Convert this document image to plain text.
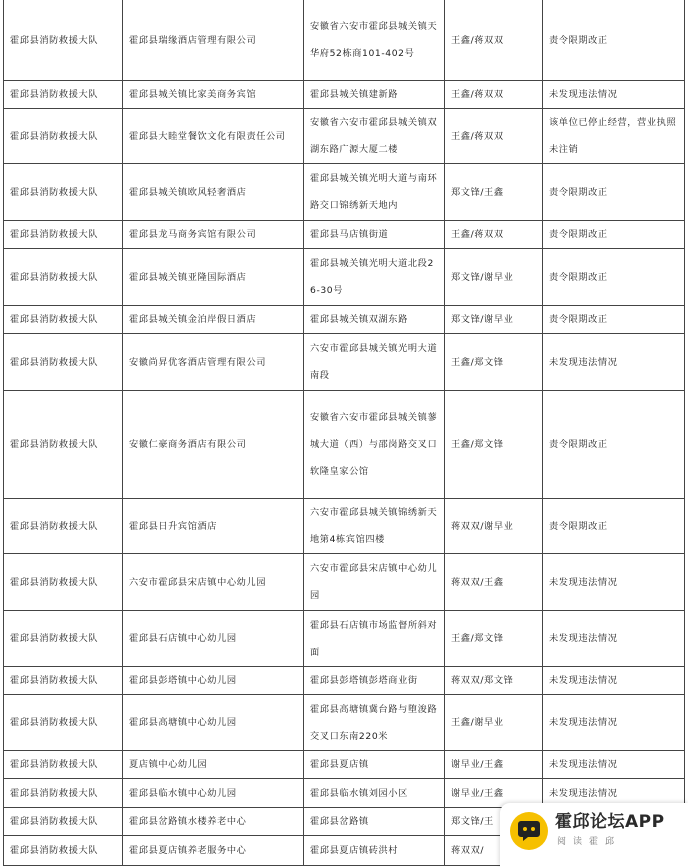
霍邱县消防救援大队	霍邱县瑞缘酒店管理有限公司	安徽省六安市霍邱县城关镇天华府52栋商101-402号	王鑫/蒋双双	责令限期改正
霍邱县消防救援大队	霍邱县城关镇比家美商务宾馆	霍邱县城关镇建新路	王鑫/蒋双双	未发现违法情况
霍邱县消防救援大队	霍邱县大睦堂餐饮文化有限责任公司	安徽省六安市霍邱县城关镇双湖东路广源大厦二楼	王鑫/蒋双双	该单位已停止经营，营业执照未注销
霍邱县消防救援大队	霍邱县城关镇欧风轻奢酒店	霍邱县城关镇光明大道与南环路交口锦绣新天地内	郑文锋/王鑫	责令限期改正
霍邱县消防救援大队	霍邱县龙马商务宾馆有限公司	霍邱县马店镇街道	王鑫/蒋双双	责令限期改正
霍邱县消防救援大队	霍邱县城关镇亚隆国际酒店	霍邱县城关镇光明大道北段26-30号	郑文锋/谢早业	责令限期改正
霍邱县消防救援大队	霍邱县城关镇金泊岸假日酒店	霍邱县城关镇双湖东路	郑文锋/谢早业	责令限期改正
霍邱县消防救援大队	安徽尚昇优客酒店管理有限公司	六安市霍邱县城关镇光明大道南段	王鑫/郑文锋	未发现违法情况
霍邱县消防救援大队	安徽仁豪商务酒店有限公司	安徽省六安市霍邱县城关镇蓼城大道（西）与邵岗路交叉口软隆皇家公馆	王鑫/郑文锋	责令限期改正
霍邱县消防救援大队	霍邱县日升宾馆酒店	六安市霍邱县城关镇锦绣新天地第4栋宾馆四楼	蒋双双/谢早业	责令限期改正
霍邱县消防救援大队	六安市霍邱县宋店镇中心幼儿园	六安市霍邱县宋店镇中心幼儿园	蒋双双/王鑫	未发现违法情况
霍邱县消防救援大队	霍邱县石店镇中心幼儿园	霍邱县石店镇市场监督所斜对面	王鑫/郑文锋	未发现违法情况
霍邱县消防救援大队	霍邱县彭塔镇中心幼儿园	霍邱县彭塔镇彭塔商业街	蒋双双/郑文锋	未发现违法情况
霍邱县消防救援大队	霍邱县高塘镇中心幼儿园	霍邱县高塘镇冀台路与堕浚路交叉口东南220米	王鑫/谢早业	未发现违法情况
霍邱县消防救援大队	夏店镇中心幼儿园	霍邱县夏店镇	谢早业/王鑫	未发现违法情况
霍邱县消防救援大队	霍邱县临水镇中心幼儿园	霍邱县临水镇刘园小区	谢早业/王鑫	未发现违法情况
霍邱县消防救援大队	霍邱县岔路镇水楼养老中心	霍邱县岔路镇	郑文锋/王	
霍邱县消防救援大队	霍邱县夏店镇养老服务中心	霍邱县夏店镇砖洪村	蒋双双/	
霍邱论坛APP
阅读霍邱
